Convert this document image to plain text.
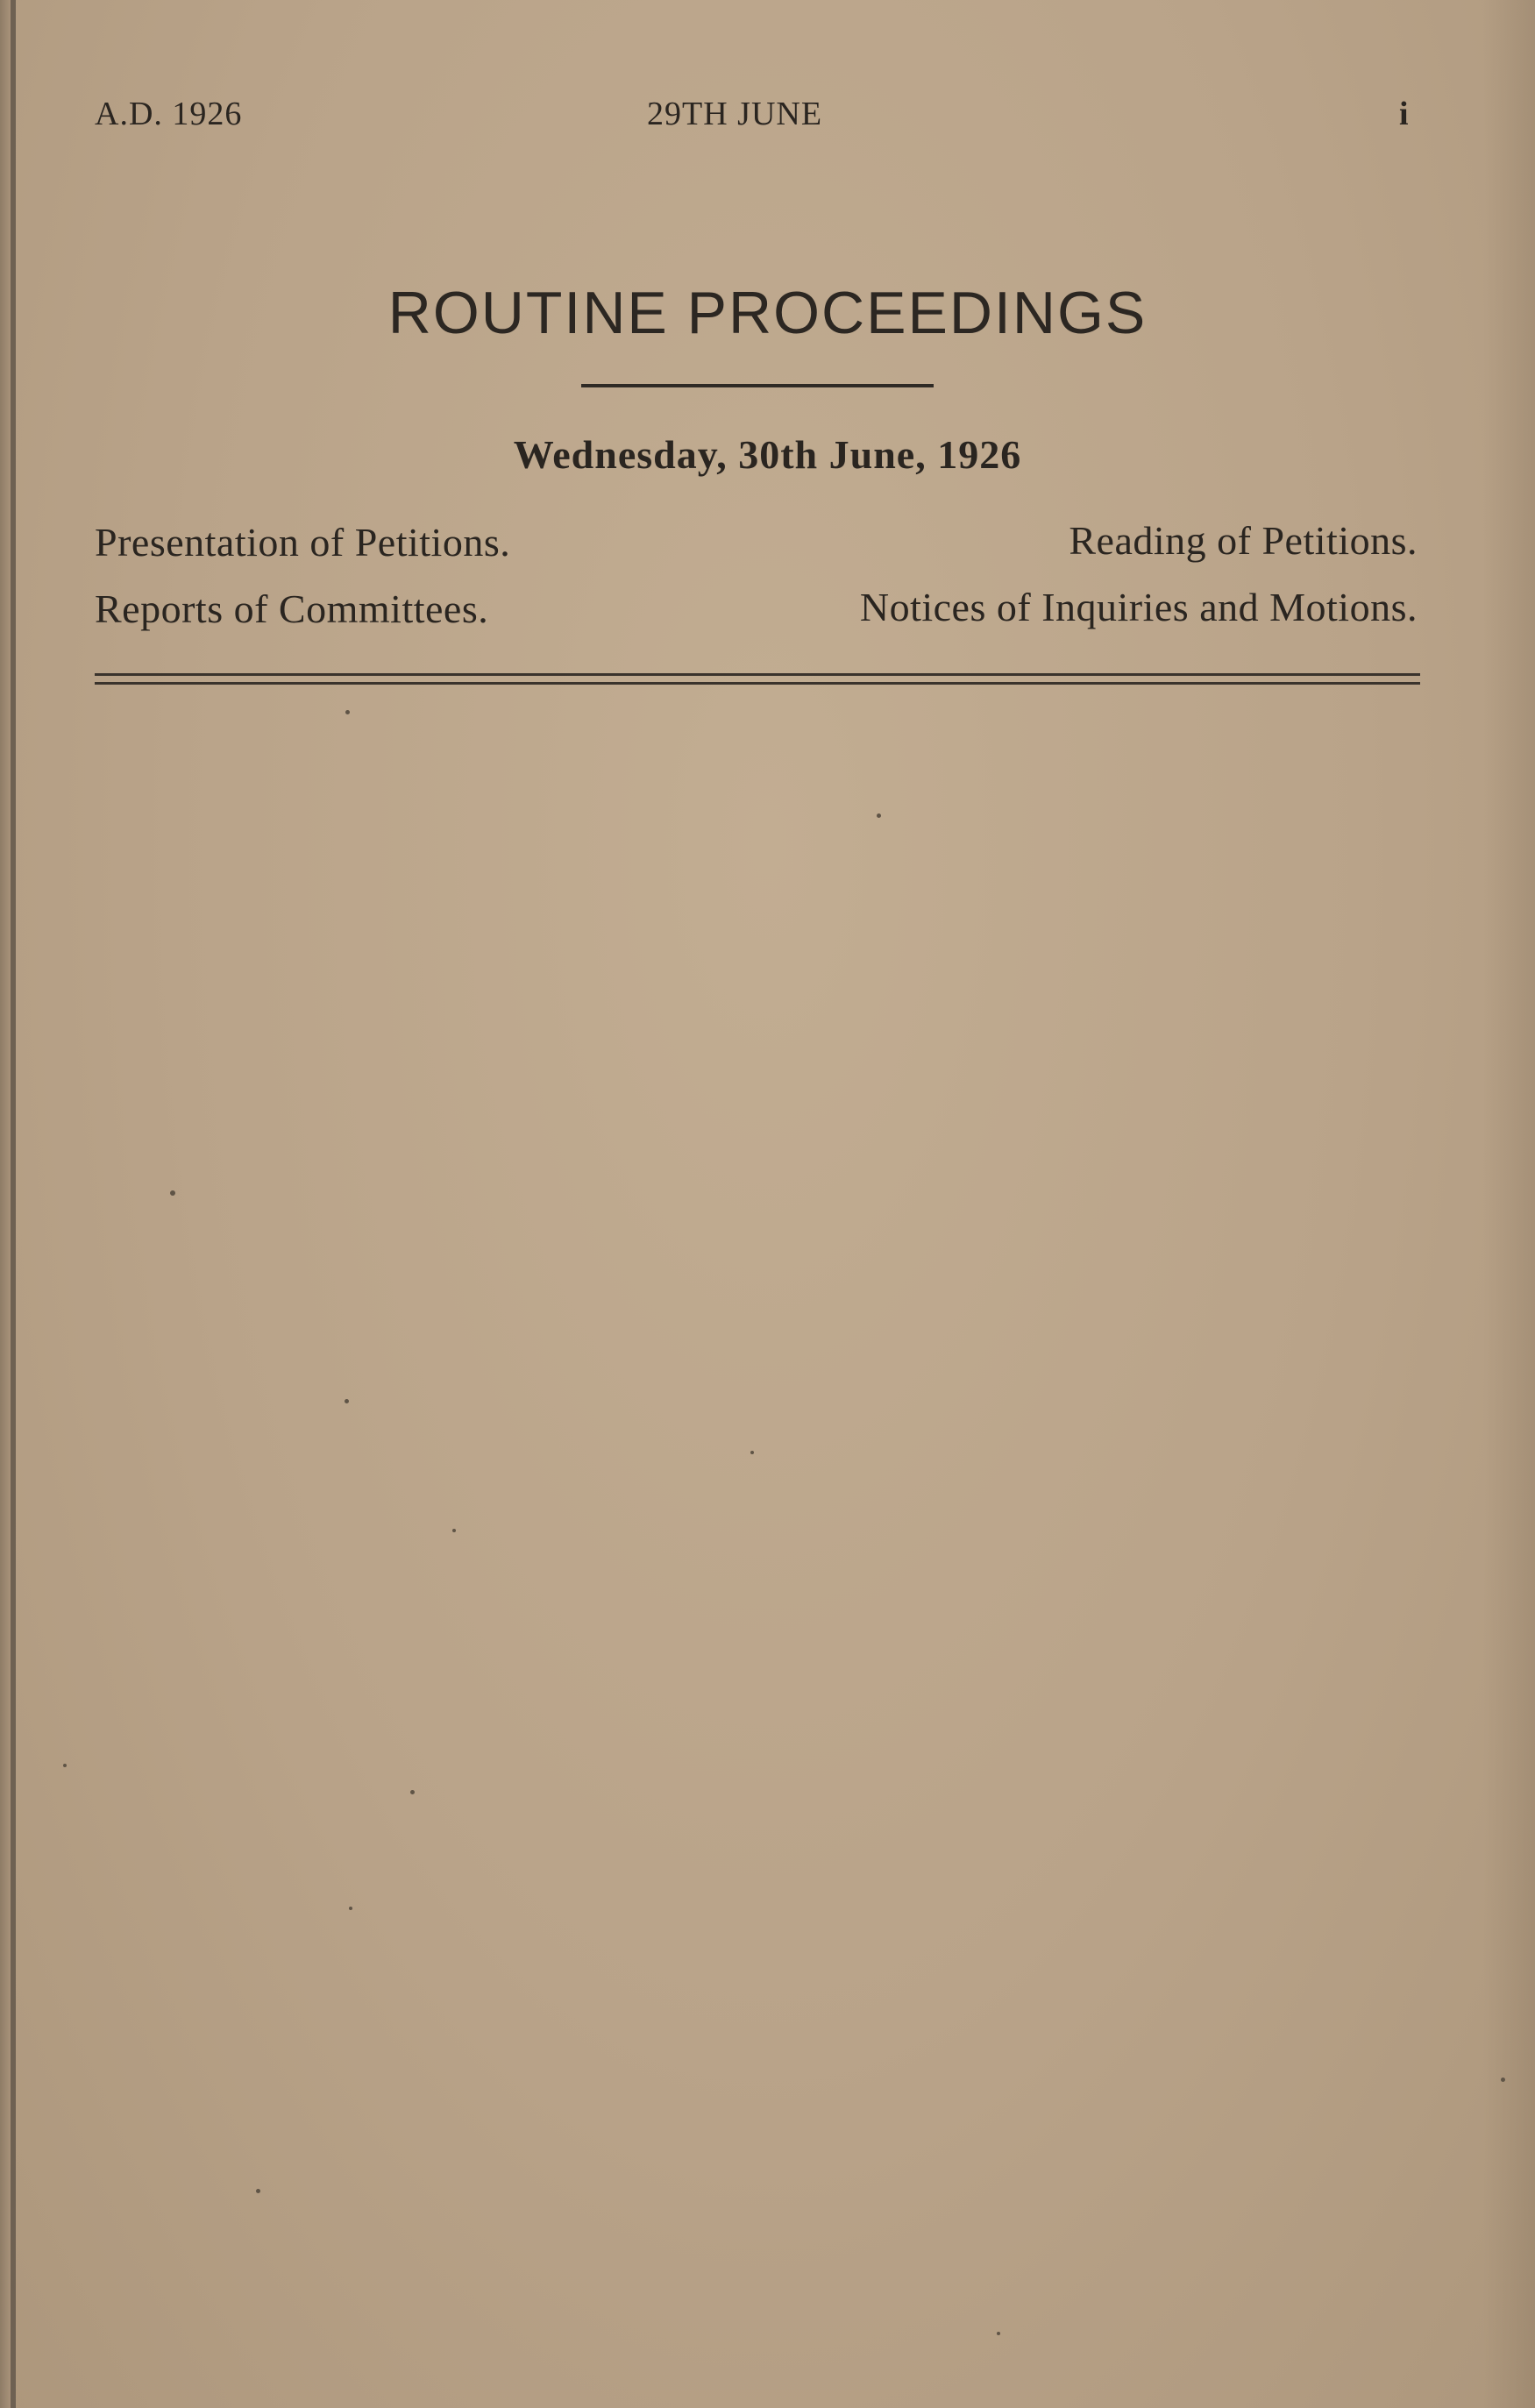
A.D. 1926	29TH JUNE	i
ROUTINE PROCEEDINGS
Wednesday, 30th June, 1926
Presentation of Petitions.	Reading of Petitions.
Reports of Committees.	Notices of Inquiries and Motions.
